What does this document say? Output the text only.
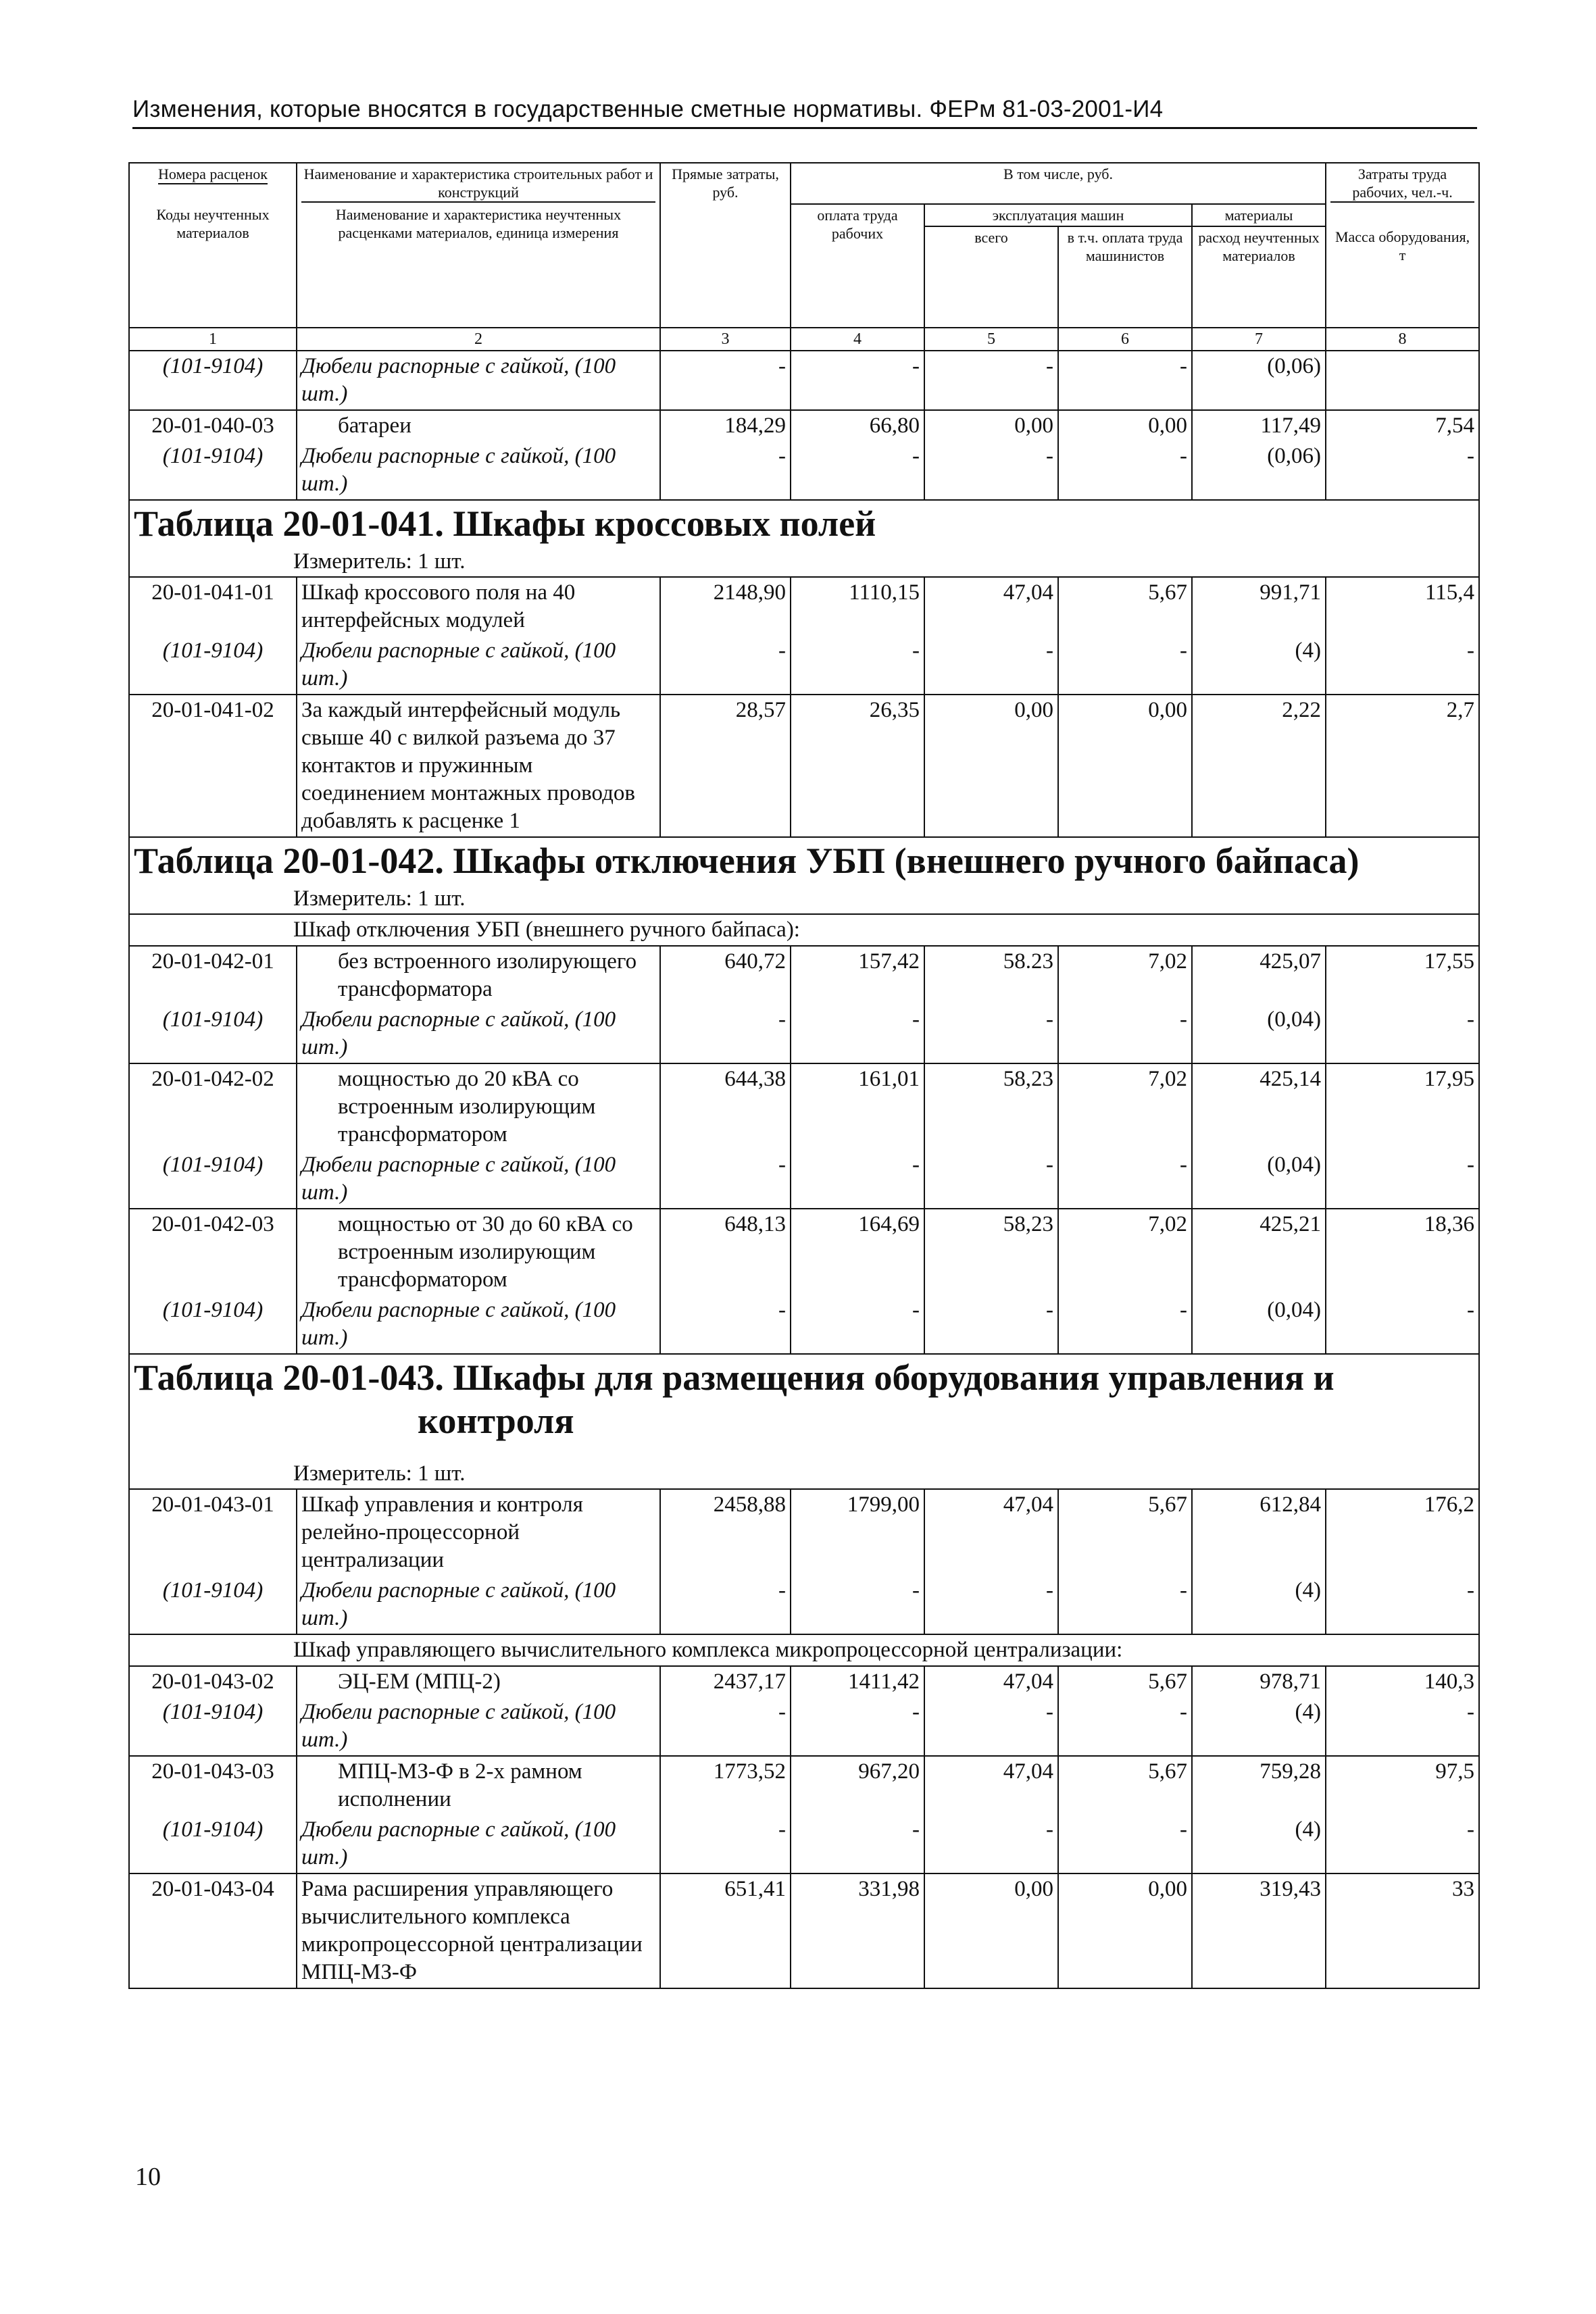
Изменения, которые вносятся в государственные сметные нормативы. ФЕРм 81-03-2001-И4
Номера расценок	Наименование и характеристика строительных работ и конструкций	Прямые затраты, руб.	В том числе, руб.				Затраты труда рабочих, чел.-ч.
Коды неучтенных материалов	Наименование и характеристика неучтенных расценками материалов, единица измерения		оплата труда рабочих	эксплуатация машин		материалы	
				всего	в т.ч. оплата труда машинистов	расход неучтенных материалов	Масса оборудования, т
1	2	3	4	5	6	7	8
(101-9104)	Дюбели распорные с гайкой, (100 шт.)	-	-	-	-	(0,06)	
20-01-040-03	батареи	184,29	66,80	0,00	0,00	117,49	7,54
(101-9104)	Дюбели распорные с гайкой, (100 шт.)	-	-	-	-	(0,06)	-
Таблица 20-01-041. Шкафы кроссовых полей							
Измеритель: 1 шт.							
20-01-041-01	Шкаф кроссового поля на 40 интерфейсных модулей	2148,90	1110,15	47,04	5,67	991,71	115,4
(101-9104)	Дюбели распорные с гайкой, (100 шт.)	-	-	-	-	(4)	-
20-01-041-02	За каждый интерфейсный модуль свыше 40 с вилкой разъема до 37 контактов и пружинным соединением монтажных проводов добавлять к расценке 1	28,57	26,35	0,00	0,00	2,22	2,7
Таблица 20-01-042. Шкафы отключения УБП (внешнего ручного байпаса)							
Измеритель: 1 шт.							
Шкаф отключения УБП (внешнего ручного байпаса):							
20-01-042-01	без встроенного изолирующего трансформатора	640,72	157,42	58.23	7,02	425,07	17,55
(101-9104)	Дюбели распорные с гайкой, (100 шт.)	-	-	-	-	(0,04)	-
20-01-042-02	мощностью до 20 кВА со встроенным изолирующим трансформатором	644,38	161,01	58,23	7,02	425,14	17,95
(101-9104)	Дюбели распорные с гайкой, (100 шт.)	-	-	-	-	(0,04)	-
20-01-042-03	мощностью от 30 до 60 кВА со встроенным изолирующим трансформатором	648,13	164,69	58,23	7,02	425,21	18,36
(101-9104)	Дюбели распорные с гайкой, (100 шт.)	-	-	-	-	(0,04)	-
Таблица 20-01-043. Шкафы для размещения оборудования управления и
контроля							

Измеритель: 1 шт.							
20-01-043-01	Шкаф управления и контроля релейно-процессорной централизации	2458,88	1799,00	47,04	5,67	612,84	176,2
(101-9104)	Дюбели распорные с гайкой, (100 шт.)	-	-	-	-	(4)	-
Шкаф управляющего вычислительного комплекса микропроцессорной централизации:							
20-01-043-02	ЭЦ-ЕМ (МПЦ-2)	2437,17	1411,42	47,04	5,67	978,71	140,3
(101-9104)	Дюбели распорные с гайкой, (100 шт.)	-	-	-	-	(4)	-
20-01-043-03	МПЦ-МЗ-Ф в 2-х рамном исполнении	1773,52	967,20	47,04	5,67	759,28	97,5
(101-9104)	Дюбели распорные с гайкой, (100 шт.)	-	-	-	-	(4)	-
20-01-043-04	Рама расширения управляющего вычислительного комплекса микропроцессорной централизации МПЦ-МЗ-Ф	651,41	331,98	0,00	0,00	319,43	33
10
